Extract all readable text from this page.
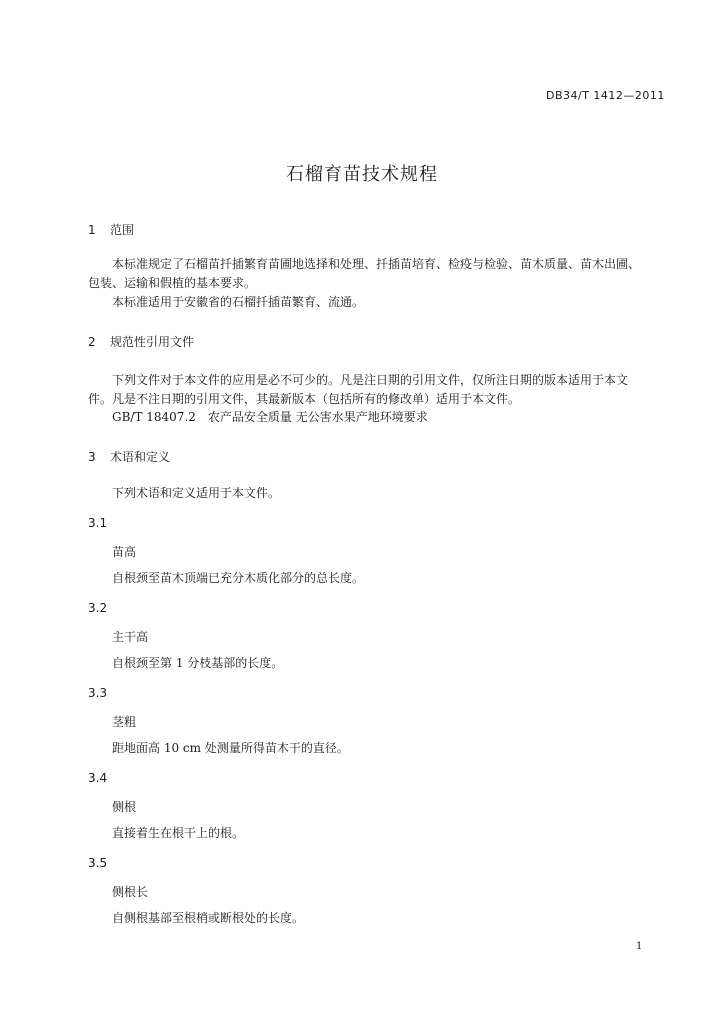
DB34/T 1412—2011
石榴育苗技术规程
1 范围
本标准规定了石榴苗扦插繁育苗圃地选择和处理、扦插苗培育、检疫与检验、苗木质量、苗木出圃、
包装、运输和假植的基本要求。
本标准适用于安徽省的石榴扦插苗繁育、流通。
2 规范性引用文件
下列文件对于本文件的应用是必不可少的。凡是注日期的引用文件，仅所注日期的版本适用于本文
件。凡是不注日期的引用文件，其最新版本（包括所有的修改单）适用于本文件。
GB/T 18407.2　农产品安全质量 无公害水果产地环境要求
3 术语和定义
下列术语和定义适用于本文件。
3.1
苗高
自根颈至苗木顶端已充分木质化部分的总长度。
3.2
主干高
自根颈至第 1 分枝基部的长度。
3.3
茎粗
距地面高 10 cm 处测量所得苗木干的直径。
3.4
侧根
直接着生在根干上的根。
3.5
侧根长
自侧根基部至根梢或断根处的长度。
1
